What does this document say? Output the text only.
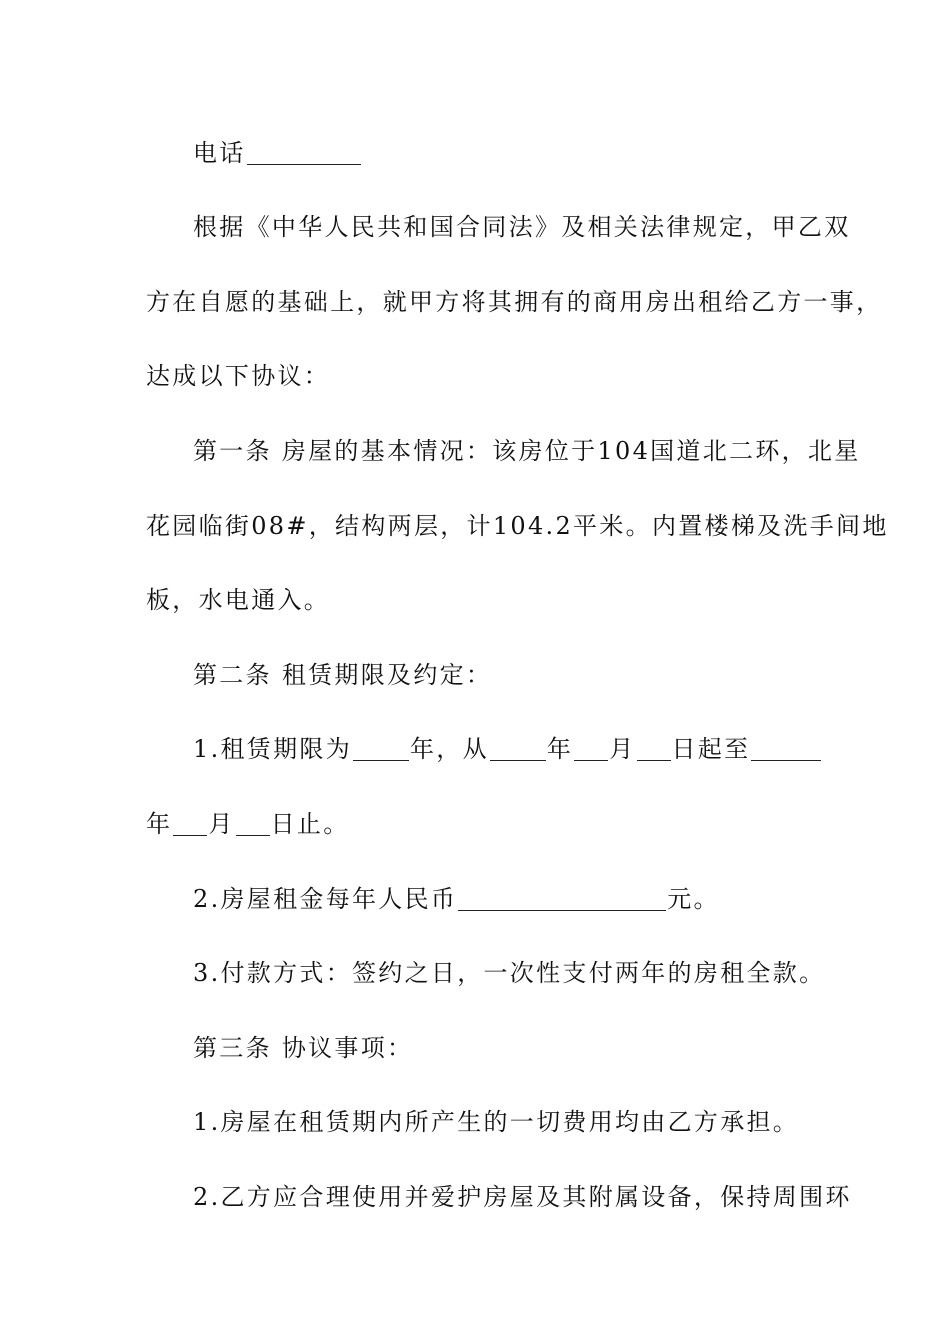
电话
根据《中华人民共和国合同法》及相关法律规定，甲乙双
方在自愿的基础上，就甲方将其拥有的商用房出租给乙方一事，
达成以下协议：
第一条 房屋的基本情况：该房位于104国道北二环，北星
花园临街08#，结构两层，计104.2平米。内置楼梯及洗手间地
板，水电通入。
第二条 租赁期限及约定：
1.租赁期限为 年，从 年 月 日起至
年 月 日止。
2.房屋租金每年人民币	元。
3.付款方式：签约之日，一次性支付两年的房租全款。
第三条 协议事项：
1.房屋在租赁期内所产生的一切费用均由乙方承担。
2.乙方应合理使用并爱护房屋及其附属设备，保持周围环
